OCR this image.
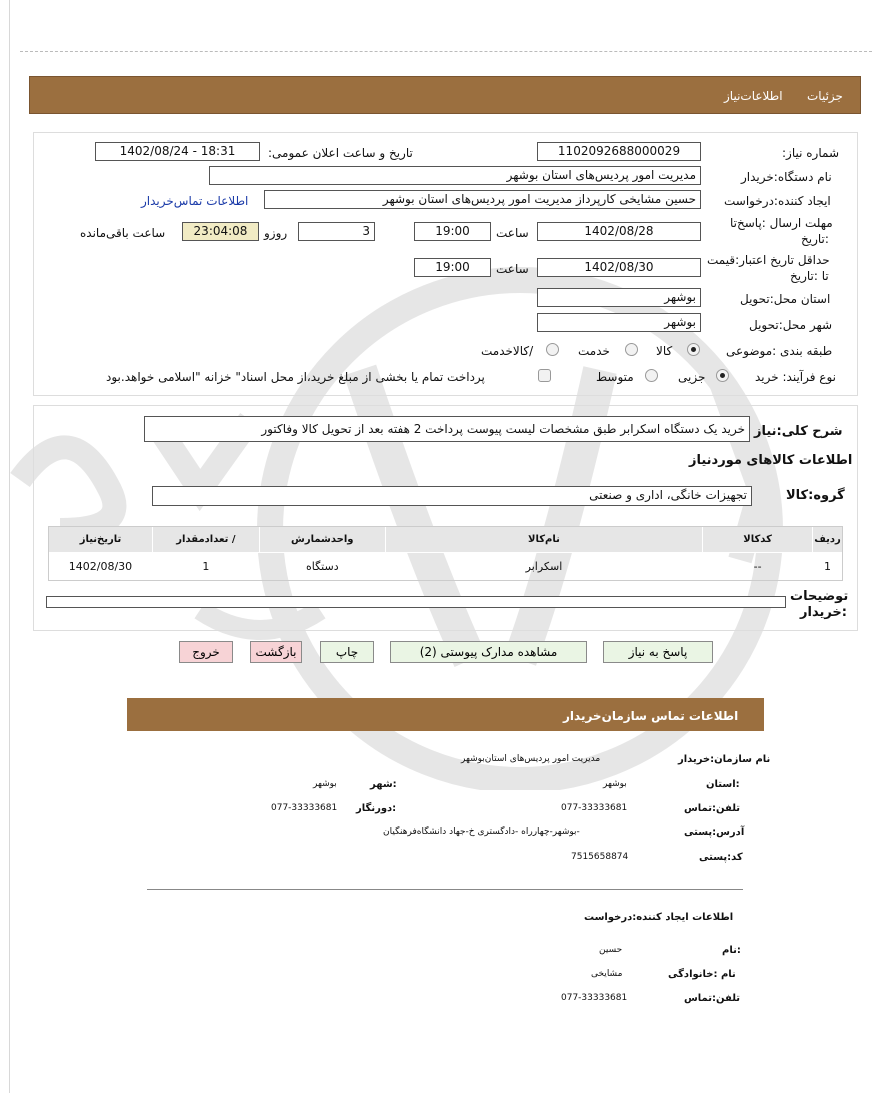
جزئیات
اطلاعات‌نیاز
شماره نیاز:
1102092688000029
تاریخ و ساعت اعلان عمومی:
1402/08/24 - 18:31
نام دستگاه:خریدار
مدیریت امور پردیس‌های استان بوشهر
ایجاد کننده:درخواست
حسین مشایخی کارپرداز مدیریت امور پردیس‌های استان بوشهر
اطلاعات تماس‌خریدار
مهلت ارسال :پاسخ‌تا
:تاریخ
1402/08/28
ساعت
19:00
3
روزو
23:04:08
ساعت باقی‌مانده
حداقل تاریخ اعتبار:قیمت
تا :تاریخ
1402/08/30
ساعت
19:00
استان محل:تحویل
بوشهر
شهر محل:تحویل
بوشهر
طبقه بندی :موضوعی
کالا
خدمت
/کالاخدمت
نوع فرآیند: خرید
جزیی
متوسط
پرداخت تمام یا بخشی از مبلغ خرید،از محل اسناد" خزانه "اسلامی خواهد.بود
شرح کلی:نیاز
خرید یک دستگاه اسکرابر طبق مشخصات لیست پیوست پرداخت 2 هفته بعد از تحویل کالا وفاکتور
اطلاعات کالاهای موردنیاز
گروه:کالا
تجهیزات خانگی، اداری و صنعتی
ردیف	کدکالا	نام‌کالا	واحدشمارش	/ تعدادمقدار	تاریخ‌نیاز
1	--	اسکرابر	دستگاه	1	1402/08/30
توضیحات
:خریدار
پاسخ به نیاز
مشاهده مدارک پیوستی (2)
چاپ
بازگشت
خروج
اطلاعات تماس سازمان‌خریدار
نام سازمان:خریدار
مدیریت امور پردیس‌های استان‌بوشهر
:استان
بوشهر
:شهر
بوشهر
تلفن:تماس
077-33333681
:دورنگار
077-33333681
آدرس:پستی
-بوشهر-چهارراه -دادگستری خ-جهاد دانشگاه‌فرهنگیان
کد:پستی
7515658874
اطلاعات ایجاد کننده:درخواست
:نام
حسین
نام :خانوادگی
مشایخی
تلفن:تماس
077-33333681
